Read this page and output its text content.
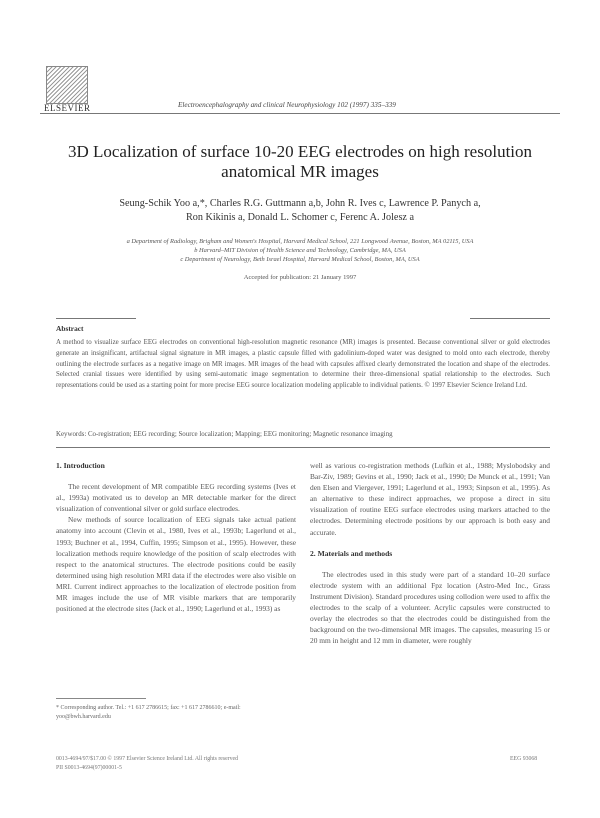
ELSEVIER	Electroencephalography and clinical Neurophysiology 102 (1997) 335–339
3D Localization of surface 10-20 EEG electrodes on high resolution anatomical MR images
Seung-Schik Yoo a,*, Charles R.G. Guttmann a,b, John R. Ives c, Lawrence P. Panych a,
Ron Kikinis a, Donald L. Schomer c, Ferenc A. Jolesz a
a Department of Radiology, Brigham and Women's Hospital, Harvard Medical School, 221 Longwood Avenue, Boston, MA 02115, USA
b Harvard–MIT Division of Health Science and Technology, Cambridge, MA, USA
c Department of Neurology, Beth Israel Hospital, Harvard Medical School, Boston, MA, USA
Accepted for publication: 21 January 1997
Abstract
A method to visualize surface EEG electrodes on conventional high-resolution magnetic resonance (MR) images is presented. Because conventional silver or gold electrodes generate an insignificant, artifactual signal signature in MR images, a plastic capsule filled with gadolinium-doped water was designed to mold onto each electrode, thereby outlining the electrode surfaces as a negative image on MR images. MR images of the head with capsules affixed clearly demonstrated the location and shape of the electrodes. Selected cranial tissues were identified by using semi-automatic image segmentation to determine their three-dimensional spatial relationship to the electrodes. Such representations could be used as a starting point for more precise EEG source localization modeling applicable to individual patients. © 1997 Elsevier Science Ireland Ltd.
Keywords: Co-registration; EEG recording; Source localization; Mapping; EEG monitoring; Magnetic resonance imaging

1. Introduction

The recent development of MR compatible EEG recording systems (Ives et al., 1993a) motivated us to develop an MR detectable marker for the direct visualization of conventional silver or gold surface electrodes.

New methods of source localization of EEG signals take actual patient anatomy into account (Clevin et al., 1980, Ives et al., 1993b; Lagerlund et al., 1993; Buchner et al., 1994, Cuffin, 1995; Simpson et al., 1995). However, these localization methods require knowledge of the position of scalp electrodes with respect to the anatomical structures. The electrode positions could be easily determined using high resolution MRI data if the electrodes were also visible on MRI. Current indirect approaches to the localization of electrode position from MR images include the use of MR visible markers that are temporarily positioned at the electrode sites (Jack et al., 1990; Lagerlund et al., 1993) as

* Corresponding author. Tel.: +1 617 2786615; fax: +1 617 2786610; e-mail: yoo@bwh.harvard.edu

well as various co-registration methods (Lufkin et al., 1988; Myslobodsky and Bar-Ziv, 1989; Gevins et al., 1990; Jack et al., 1990; De Munck et al., 1991; Van den Elsen and Viergever, 1991; Lagerlund et al., 1993; Sinpson et al., 1995). As an alternative to these indirect approaches, we propose a direct in situ visualization of routine EEG surface electrodes using markers attached to the electrodes. Determining electrode positions by our approach is both easy and accurate.

2. Materials and methods

The electrodes used in this study were part of a standard 10–20 surface electrode system with an additional Fpz location (Astro-Med Inc., Grass Instrument Division). Standard procedures using collodion were used to affix the electrodes to the scalp of a volunteer. Acrylic capsules were constructed to overlay the electrodes so that the electrodes could be distinguished from the background on the two-dimensional MR images. The capsules, measuring 15 or 20 mm in height and 12 mm in diameter, were roughly

0013-4694/97/$17.00 © 1997 Elsevier Science Ireland Ltd. All rights reserved
PII S0013-4694(97)00001-5
EEG 93068
